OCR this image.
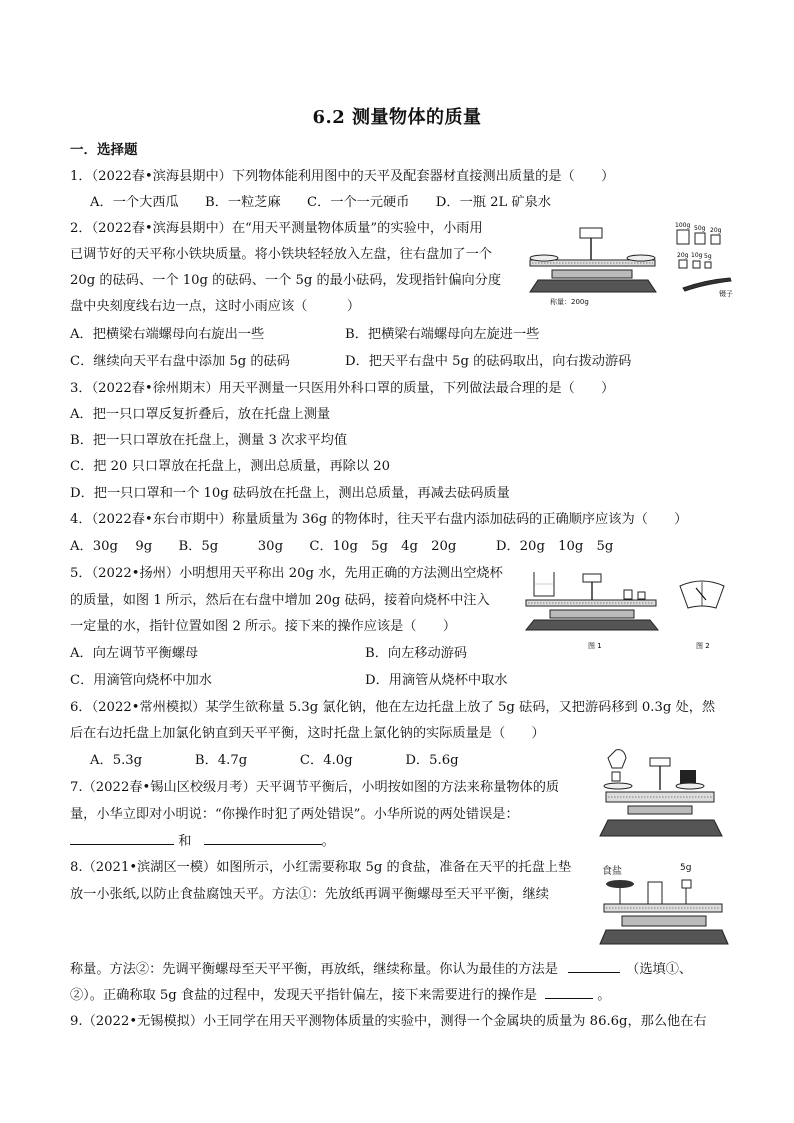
6.2 测量物体的质量
一．选择题
1．（2022春•滨海县期中）下列物体能利用图中的天平及配套器材直接测出质量的是（　　）
A．一个大西瓜　　B．一粒芝麻　　C．一个一元硬币　　D．一瓶 2L 矿泉水
2．（2022春•滨海县期中）在“用天平测量物体质量”的实验中，小雨用
已调节好的天平称小铁块质量。将小铁块轻轻放入左盘，往右盘加了一个
20g 的砝码、一个 10g 的砝码、一个 5g 的最小砝码，发现指针偏向分度
盘中央刻度线右边一点，这时小雨应该（　　　）
A．把横梁右端螺母向右旋出一些	B．把横梁右端螺母向左旋进一些
C．继续向天平右盘中添加 5g 的砝码	D．把天平右盘中 5g 的砝码取出，向右拨动游码
称量：200g
100g 50g 20g
20g 10g 5g
镊子
3．（2022春•徐州期末）用天平测量一只医用外科口罩的质量，下列做法最合理的是（　　）
A．把一只口罩反复折叠后，放在托盘上测量
B．把一只口罩放在托盘上，测量 3 次求平均值
C．把 20 只口罩放在托盘上，测出总质量，再除以 20
D．把一只口罩和一个 10g 砝码放在托盘上，测出总质量，再减去砝码质量
4．（2022春•东台市期中）称量质量为 36g 的物体时，往天平右盘内添加砝码的正确顺序应该为（　　）
A．30g　 9g　　B．5g　　　30g　　C．10g　5g　4g　20g　　　D．20g　10g　5g
5．（2022•扬州）小明想用天平称出 20g 水，先用正确的方法测出空烧杯
的质量，如图 1 所示，然后在右盘中增加 20g 砝码，接着向烧杯中注入
一定量的水，指针位置如图 2 所示。接下来的操作应该是（　　）
A．向左调节平衡螺母	B．向左移动游码
C．用滴管向烧杯中加水	D．用滴管从烧杯中取水
图 1	图 2
6．（2022•常州模拟）某学生欲称量 5.3g 氯化钠，他在左边托盘上放了 5g 砝码，又把游码移到 0.3g 处，然
后在右边托盘上加氯化钠直到天平平衡，这时托盘上氯化钠的实际质量是（　　）
A．5.3g　　　　B．4.7g　　　　C．4.0g　　　　D．5.6g
7.（2022春•锡山区校级月考）天平调节平衡后，小明按如图的方法来称量物体的质
量，小华立即对小明说：“你操作时犯了两处错误”。小华所说的两处错误是：
和	。
8.（2021•滨湖区一模）如图所示，小红需要称取 5g 的食盐，准备在天平的托盘上垫
放一小张纸,以防止食盐腐蚀天平。方法①：先放纸再调平衡螺母至天平平衡，继续
食盐	5g
称量。方法②：先调平衡螺母至天平平衡，再放纸，继续称量。你认为最佳的方法是	（选填①、
②）。正确称取 5g 食盐的过程中，发现天平指针偏左，接下来需要进行的操作是	。
9.（2022•无锡模拟）小王同学在用天平测物体质量的实验中，测得一个金属块的质量为 86.6g，那么他在右
